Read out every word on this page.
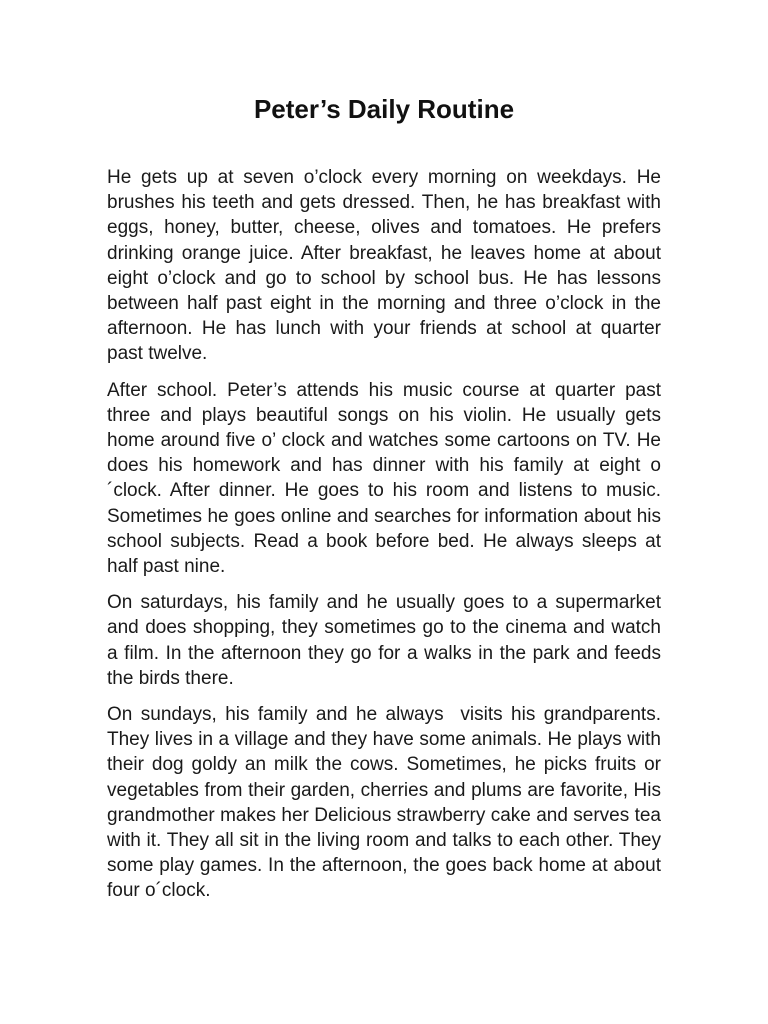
Peter’s Daily Routine

He gets up at seven o’clock every morning on weekdays. He brushes his teeth and gets dressed. Then, he has breakfast with eggs, honey, butter, cheese, olives and tomatoes. He prefers drinking orange juice. After breakfast, he leaves home at about eight o’clock and go to school by school bus. He has lessons between half past eight in the morning and three o’clock in the afternoon. He has lunch with your friends at school at quarter past twelve.

After school. Peter’s attends his music course at quarter past three and plays beautiful songs on his violin. He usually gets home around five o’ clock and watches some cartoons on TV. He does his homework and has dinner with his family at eight o´clock. After dinner. He goes to his room and listens to music. Sometimes he goes online and searches for information about his school subjects. Read a book before bed. He always sleeps at half past nine.

On saturdays, his family and he usually goes to a supermarket and does shopping, they sometimes go to the cinema and watch a film. In the afternoon they go for a walks in the park and feeds the birds there.

On sundays, his family and he always  visits his grandparents. They lives in a village and they have some animals. He plays with their dog goldy an milk the cows. Sometimes, he picks fruits or vegetables from their garden, cherries and plums are favorite, His grandmother makes her Delicious strawberry cake and serves tea with it. They all sit in the living room and talks to each other. They some play games. In the afternoon, the goes back home at about four o´clock.
